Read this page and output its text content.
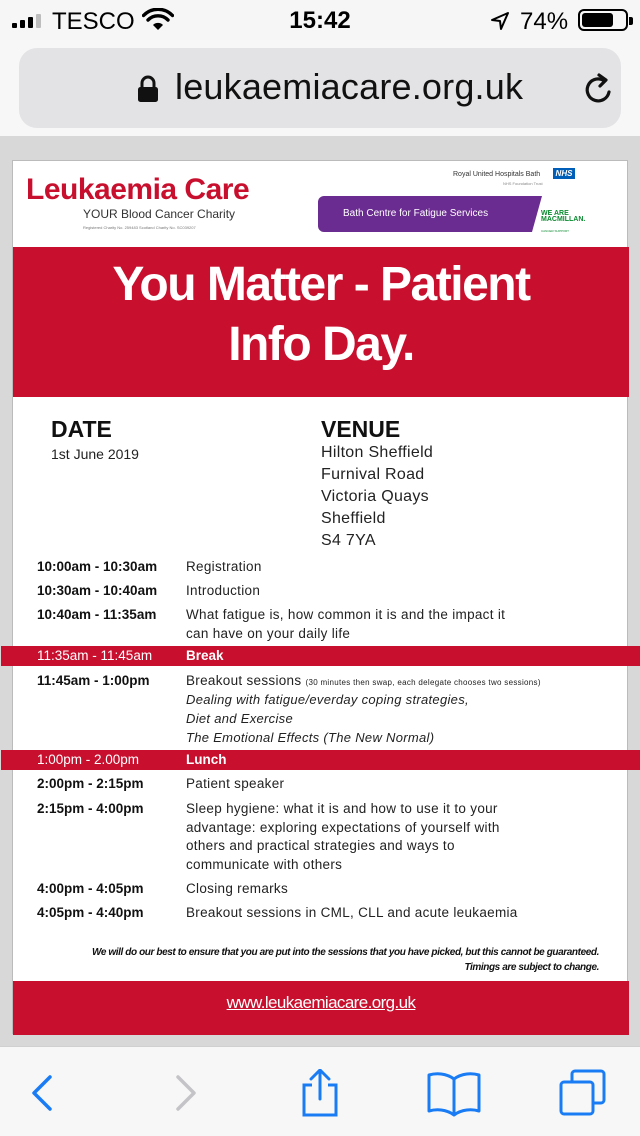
TESCO	15:42	74%
leukaemiacare.org.uk
Leukaemia Care
YOUR Blood Cancer Charity
Registered Charity No. 259483 Scotland Charity No. SC039207
Royal United Hospitals Bath
NHS Foundation Trust
NHS
Bath Centre for Fatigue Services	WE ARE MACMILLAN.
CANCER SUPPORT
You Matter - Patient
Info Day.
DATE
1st June 2019
VENUE
Hilton Sheffield
Furnival Road
Victoria Quays
Sheffield
S4 7YA
10:00am - 10:30am Registration
10:30am - 10:40am Introduction
10:40am - 11:35am What fatigue is, how common it is and the impact it
can have on your daily life
11:35am - 11:45am	Break
11:45am - 1:00pm	Breakout sessions (30 minutes then swap, each delegate chooses two sessions)
Dealing with fatigue/everday coping strategies,
Diet and Exercise
The Emotional Effects (The New Normal)
1:00pm - 2.00pm	Lunch
2:00pm - 2:15pm	Patient speaker
2:15pm - 4:00pm	Sleep hygiene: what it is and how to use it to your
advantage: exploring expectations of yourself with
others and practical strategies and ways to
communicate with others
4:00pm - 4:05pm	Closing remarks
4:05pm - 4:40pm	Breakout sessions in CML, CLL and acute leukaemia
We will do our best to ensure that you are put into the sessions that you have picked, but this cannot be guaranteed.
Timings are subject to change.
www.leukaemiacare.org.uk
